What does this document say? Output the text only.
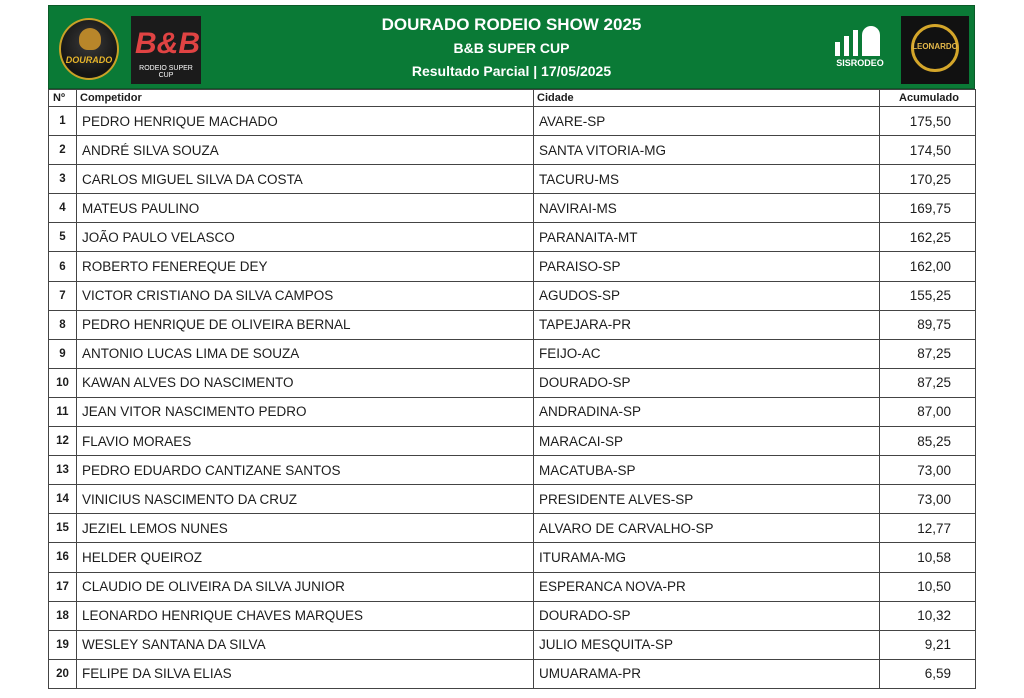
DOURADO B&B
RODEIO SUPER CUP
DOURADO RODEIO SHOW 2025
B&B SUPER CUP
Resultado Parcial | 17/05/2025	SISRODEO
LEONARDO
Nº	Competidor	Cidade	Acumulado
1	PEDRO HENRIQUE MACHADO	AVARE-SP	175,50
2	ANDRÉ SILVA SOUZA	SANTA VITORIA-MG	174,50
3	CARLOS MIGUEL SILVA DA COSTA	TACURU-MS	170,25
4	MATEUS PAULINO	NAVIRAI-MS	169,75
5	JOÃO PAULO VELASCO	PARANAITA-MT	162,25
6	ROBERTO FENEREQUE DEY	PARAISO-SP	162,00
7	VICTOR CRISTIANO DA SILVA CAMPOS	AGUDOS-SP	155,25
8	PEDRO HENRIQUE DE OLIVEIRA BERNAL	TAPEJARA-PR	89,75
9	ANTONIO LUCAS LIMA DE SOUZA	FEIJO-AC	87,25
10	KAWAN ALVES DO NASCIMENTO	DOURADO-SP	87,25
11	JEAN VITOR NASCIMENTO PEDRO	ANDRADINA-SP	87,00
12	FLAVIO MORAES	MARACAI-SP	85,25
13	PEDRO EDUARDO CANTIZANE SANTOS	MACATUBA-SP	73,00
14	VINICIUS NASCIMENTO DA CRUZ	PRESIDENTE ALVES-SP	73,00
15	JEZIEL LEMOS NUNES	ALVARO DE CARVALHO-SP	12,77
16	HELDER QUEIROZ	ITURAMA-MG	10,58
17	CLAUDIO DE OLIVEIRA DA SILVA JUNIOR	ESPERANCA NOVA-PR	10,50
18	LEONARDO HENRIQUE CHAVES MARQUES	DOURADO-SP	10,32
19	WESLEY SANTANA DA SILVA	JULIO MESQUITA-SP	9,21
20	FELIPE DA SILVA ELIAS	UMUARAMA-PR	6,59
